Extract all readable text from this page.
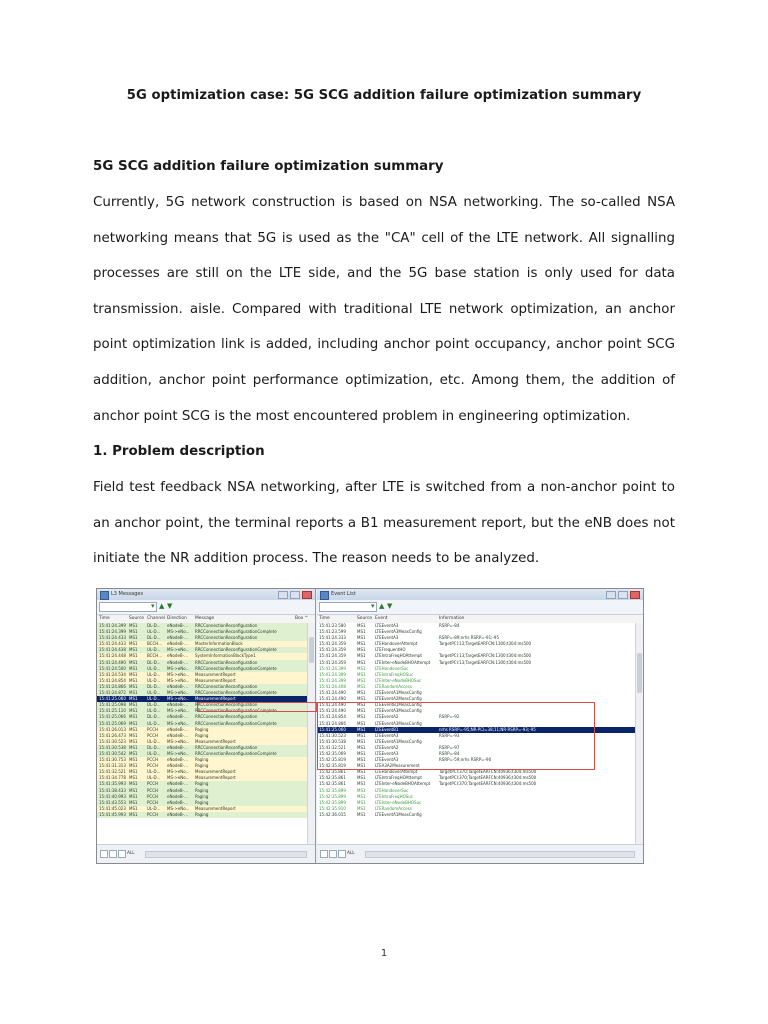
5G optimization case: 5G SCG addition failure optimization summary
5G SCG addition failure optimization summary

Currently, 5G network construction is based on NSA networking. The so-called NSA networking means that 5G is used as the "CA" cell of the LTE network. All signalling processes are still on the LTE side, and the 5G base station is only used for data transmission. aisle. Compared with traditional LTE network optimization, an anchor point optimization link is added, including anchor point occupancy, anchor point SCG addition, anchor point performance optimization, etc. Among them, the addition of anchor point SCG is the most encountered problem in engineering optimization.

1. Problem description

Field test feedback NSA networking, after LTE is switched from a non-anchor point to an anchor point, the terminal reports a B1 measurement report, but the eNB does not initiate the NR addition process. The reason needs to be analyzed.

L3 Messages
▾ ▲ ▼
Time	Source Channel Direction Message	Box ^
15:41:24.399 MS1	DL-D...	eNodeB-...	RRCConnectionReconfiguration
15:41:24.399 MS1	UL-D...	MS->eNo...	RRCConnectionReconfigurationComplete
15:41:24.433 MS1	DL-D...	eNodeB-...	RRCConnectionReconfiguration
15:41:24.433 MS1	BCCH...	eNodeB-...	MasterInformationBlock
15:41:24.438 MS1	UL-D...	MS->eNo...	RRCConnectionReconfigurationComplete
15:41:24.448 MS1	BCCH...	eNodeB-...	SystemInformationBlockType1
15:41:24.490 MS1	DL-D...	eNodeB-...	RRCConnectionReconfiguration
15:41:24.500 MS1	UL-D...	MS->eNo...	RRCConnectionReconfigurationComplete
15:41:24.534 MS1	UL-D...	MS->eNo...	MeasurementReport
15:41:24.854 MS1	UL-D...	MS->eNo...	MeasurementReport
15:41:24.866 MS1	DL-D...	eNodeB-...	RRCConnectionReconfiguration
15:41:24.872 MS1	UL-D...	MS->eNo...	RRCConnectionReconfigurationComplete
15:41:25.060 MS1	UL-D...	MS->eNo...	MeasurementReport
15:41:25.098 MS1	DL-D...	eNodeB-...	RRCConnectionReconfiguration
15:41:25.110 MS1	UL-D...	MS->eNo...	RRCConnectionReconfigurationComplete
15:41:25.066 MS1	DL-D...	eNodeB-...	RRCConnectionReconfiguration
15:41:25.069 MS1	UL-D...	MS->eNo...	RRCConnectionReconfigurationComplete
15:41:26.013 MS1	PCCH	eNodeB-...	Paging
15:41:26.473 MS1	PCCH	eNodeB-...	Paging
15:41:30.523 MS1	UL-D...	MS->eNo...	MeasurementReport
15:41:30.538 MS1	DL-D...	eNodeB-...	RRCConnectionReconfiguration
15:41:30.542 MS1	UL-D...	MS->eNo...	RRCConnectionReconfigurationComplete
15:41:30.753 MS1	PCCH	eNodeB-...	Paging
15:41:31.313 MS1	PCCH	eNodeB-...	Paging
15:41:32.521 MS1	UL-D...	MS->eNo...	MeasurementReport
15:41:34.778 MS1	UL-D...	MS->eNo...	MeasurementReport
15:41:35.993 MS1	PCCH	eNodeB-...	Paging
15:41:38.433 MS1	PCCH	eNodeB-...	Paging
15:41:40.993 MS1	PCCH	eNodeB-...	Paging
15:41:43.553 MS1	PCCH	eNodeB-...	Paging
15:41:45.023 MS1	UL-D...	MS->eNo...	MeasurementReport
15:41:45.993 MS1	PCCH	eNodeB-...	Paging
ALL
Event List
▾ ▲ ▼
Time	Source Event	Information
15:41:23.580	MS1	LTEEventA3	RSRP=-84
15:41:23.599	MS1	LTEEventA3MeasConfig
15:41:24.333	MS1	LTEEventA3	RSRP=-89;nrhs RSRP=-91;-95
15:41:24.359	MS1	LTEHandoverAttempt	TargetPCI:13;TargetEARFCN:1300;t304:ms500
15:41:24.359	MS1	LTEFrequentHO
15:41:24.359	MS1	LTEIntraFreqHOAttempt	TargetPCI:13;TargetEARFCN:1300;t304:ms500
15:41:24.359	MS1	LTEInter-eNodeBHOAttempt	TargetPCI:13;TargetEARFCN:1300;t304:ms500
15:41:24.399	MS1	LTEHandoverSuc
15:41:24.399	MS1	LTEIntraFreqHOSuc
15:41:24.399	MS1	LTEInter-eNodeBHOSuc
15:41:24.408	MS1	LTERandomAccess
15:41:24.490	MS1	LTEEventA1MeasConfig
15:41:24.490	MS1	LTEEventA2MeasConfig
15:41:24.490	MS1	LTEEventB1MeasConfig
15:41:24.490	MS1	LTEEventA3MeasConfig
15:41:24.854	MS1	LTEEventA2	RSRP=-92
15:41:24.866	MS1	LTEEventA3MeasConfig
15:41:25.060	MS1	LTEEventB1	nrhs RSRP=-95;NR-PCI=38;11;NR-RSRP=-93;-95
15:41:30.523	MS1	LTEEventA3	RSRP=-93
15:41:30.538	MS1	LTEEventA1MeasConfig
15:41:32.521	MS1	LTEEventA2	RSRP=-97
15:42:35.069	MS1	LTEEventA3	RSRP=-84
15:42:35.819	MS1	LTEEventA3	RSRP=-59;nrhs RSRP=-90
15:42:35.819	MS1	LTEA3A2Measurement
15:42:35.861	MS1	LTEHandoverAttempt	TargetPCI:370;TargetEARFCN:40936;t304:ms500
15:42:35.861	MS1	LTEIntraFreqHOAttempt	TargetPCI:370;TargetEARFCN:40936;t304:ms500
15:42:35.861	MS1	LTEInter-eNodeBHOAttempt	TargetPCI:370;TargetEARFCN:40936;t304:ms500
15:42:35.899	MS1	LTEHandoverSuc
15:42:35.899	MS1	LTEIntraFreqHOSuc
15:42:35.899	MS1	LTEInter-eNodeBHOSuc
15:42:35.910	MS1	LTERandomAccess
15:42:36.015	MS1	LTEEventA1MeasConfig
ALL
1
